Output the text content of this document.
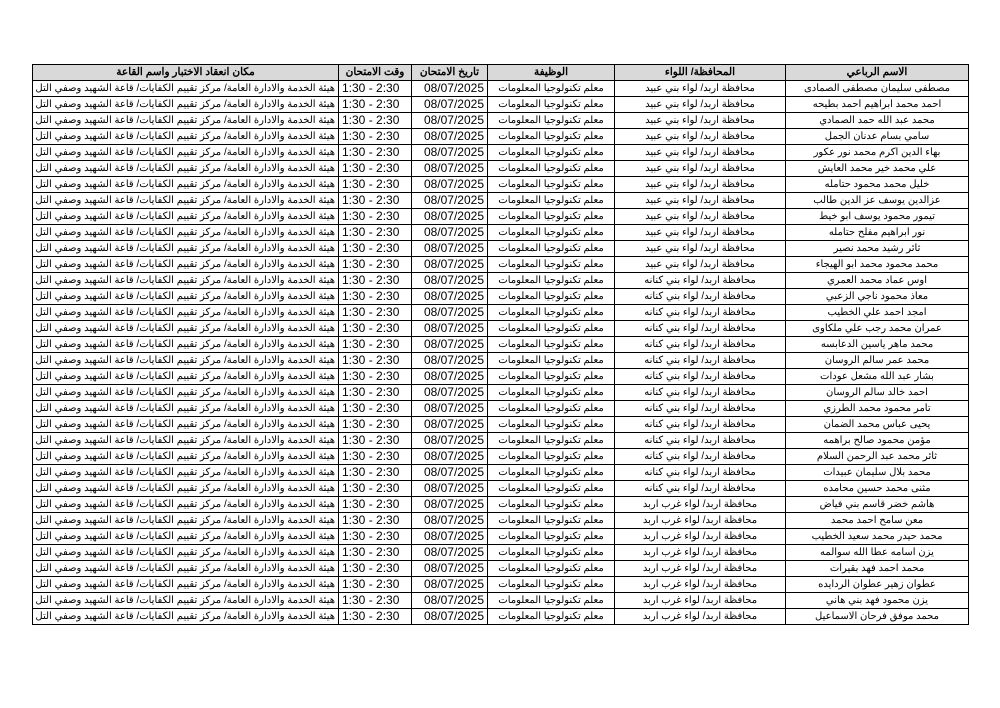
الاسم الرباعي	المحافظة/ اللواء	الوظيفة	تاريخ الامتحان	وقت الامتحان	مكان انعقاد الاختبار واسم القاعة
مصطفى سليمان مصطفى الصمادى	محافظة اربد/ لواء بني عبيد	معلم تكنولوجيا المعلومات	08/07/2025	1:30 - 2:30	هيئة الخدمة والادارة العامة/ مركز تقييم الكفايات/ قاعة الشهيد وصفي التل
احمد محمد ابراهيم احمد بطيحه	محافظة اربد/ لواء بني عبيد	معلم تكنولوجيا المعلومات	08/07/2025	1:30 - 2:30	هيئة الخدمة والادارة العامة/ مركز تقييم الكفايات/ قاعة الشهيد وصفي التل
محمد عبد الله حمد الصمادي	محافظة اربد/ لواء بني عبيد	معلم تكنولوجيا المعلومات	08/07/2025	1:30 - 2:30	هيئة الخدمة والادارة العامة/ مركز تقييم الكفايات/ قاعة الشهيد وصفي التل
سامي بسام عدنان الجمل	محافظة اربد/ لواء بني عبيد	معلم تكنولوجيا المعلومات	08/07/2025	1:30 - 2:30	هيئة الخدمة والادارة العامة/ مركز تقييم الكفايات/ قاعة الشهيد وصفي التل
بهاء الدين اكرم محمد نور عكور	محافظة اربد/ لواء بني عبيد	معلم تكنولوجيا المعلومات	08/07/2025	1:30 - 2:30	هيئة الخدمة والادارة العامة/ مركز تقييم الكفايات/ قاعة الشهيد وصفي التل
علي محمد خير محمد العايش	محافظة اربد/ لواء بني عبيد	معلم تكنولوجيا المعلومات	08/07/2025	1:30 - 2:30	هيئة الخدمة والادارة العامة/ مركز تقييم الكفايات/ قاعة الشهيد وصفي التل
خليل محمد محمود حتامله	محافظة اربد/ لواء بني عبيد	معلم تكنولوجيا المعلومات	08/07/2025	1:30 - 2:30	هيئة الخدمة والادارة العامة/ مركز تقييم الكفايات/ قاعة الشهيد وصفي التل
عزالدين يوسف عز الدين طالب	محافظة اربد/ لواء بني عبيد	معلم تكنولوجيا المعلومات	08/07/2025	1:30 - 2:30	هيئة الخدمة والادارة العامة/ مركز تقييم الكفايات/ قاعة الشهيد وصفي التل
تيمور محمود يوسف ابو خيط	محافظة اربد/ لواء بني عبيد	معلم تكنولوجيا المعلومات	08/07/2025	1:30 - 2:30	هيئة الخدمة والادارة العامة/ مركز تقييم الكفايات/ قاعة الشهيد وصفي التل
نور ابراهيم مفلح حتامله	محافظة اربد/ لواء بني عبيد	معلم تكنولوجيا المعلومات	08/07/2025	1:30 - 2:30	هيئة الخدمة والادارة العامة/ مركز تقييم الكفايات/ قاعة الشهيد وصفي التل
ثائر رشيد محمد نصير	محافظة اربد/ لواء بني عبيد	معلم تكنولوجيا المعلومات	08/07/2025	1:30 - 2:30	هيئة الخدمة والادارة العامة/ مركز تقييم الكفايات/ قاعة الشهيد وصفي التل
محمد محمود محمد ابو الهيجاء	محافظة اربد/ لواء بني عبيد	معلم تكنولوجيا المعلومات	08/07/2025	1:30 - 2:30	هيئة الخدمة والادارة العامة/ مركز تقييم الكفايات/ قاعة الشهيد وصفي التل
اوس عماد محمد العمري	محافظة اربد/ لواء بني كنانه	معلم تكنولوجيا المعلومات	08/07/2025	1:30 - 2:30	هيئة الخدمة والادارة العامة/ مركز تقييم الكفايات/ قاعة الشهيد وصفي التل
معاذ محمود ناجي الزعبي	محافظة اربد/ لواء بني كنانه	معلم تكنولوجيا المعلومات	08/07/2025	1:30 - 2:30	هيئة الخدمة والادارة العامة/ مركز تقييم الكفايات/ قاعة الشهيد وصفي التل
امجد احمد علي الخطيب	محافظة اربد/ لواء بني كنانه	معلم تكنولوجيا المعلومات	08/07/2025	1:30 - 2:30	هيئة الخدمة والادارة العامة/ مركز تقييم الكفايات/ قاعة الشهيد وصفي التل
عمران محمد رجب علي ملكاوى	محافظة اربد/ لواء بني كنانه	معلم تكنولوجيا المعلومات	08/07/2025	1:30 - 2:30	هيئة الخدمة والادارة العامة/ مركز تقييم الكفايات/ قاعة الشهيد وصفي التل
محمد ماهر ياسين الدعابسه	محافظة اربد/ لواء بني كنانه	معلم تكنولوجيا المعلومات	08/07/2025	1:30 - 2:30	هيئة الخدمة والادارة العامة/ مركز تقييم الكفايات/ قاعة الشهيد وصفي التل
محمد عمر سالم الروسان	محافظة اربد/ لواء بني كنانه	معلم تكنولوجيا المعلومات	08/07/2025	1:30 - 2:30	هيئة الخدمة والادارة العامة/ مركز تقييم الكفايات/ قاعة الشهيد وصفي التل
بشار عبد الله مشعل عودات	محافظة اربد/ لواء بني كنانه	معلم تكنولوجيا المعلومات	08/07/2025	1:30 - 2:30	هيئة الخدمة والادارة العامة/ مركز تقييم الكفايات/ قاعة الشهيد وصفي التل
احمد خالد سالم الروسان	محافظة اربد/ لواء بني كنانه	معلم تكنولوجيا المعلومات	08/07/2025	1:30 - 2:30	هيئة الخدمة والادارة العامة/ مركز تقييم الكفايات/ قاعة الشهيد وصفي التل
تامر محمود محمد الطرزي	محافظة اربد/ لواء بني كنانه	معلم تكنولوجيا المعلومات	08/07/2025	1:30 - 2:30	هيئة الخدمة والادارة العامة/ مركز تقييم الكفايات/ قاعة الشهيد وصفي التل
يحيى عباس محمد الضمان	محافظة اربد/ لواء بني كنانه	معلم تكنولوجيا المعلومات	08/07/2025	1:30 - 2:30	هيئة الخدمة والادارة العامة/ مركز تقييم الكفايات/ قاعة الشهيد وصفي التل
مؤمن محمود صالح براهمه	محافظة اربد/ لواء بني كنانه	معلم تكنولوجيا المعلومات	08/07/2025	1:30 - 2:30	هيئة الخدمة والادارة العامة/ مركز تقييم الكفايات/ قاعة الشهيد وصفي التل
ثائر محمد عبد الرحمن السلام	محافظة اربد/ لواء بني كنانه	معلم تكنولوجيا المعلومات	08/07/2025	1:30 - 2:30	هيئة الخدمة والادارة العامة/ مركز تقييم الكفايات/ قاعة الشهيد وصفي التل
محمد بلال سليمان عبيدات	محافظة اربد/ لواء بني كنانه	معلم تكنولوجيا المعلومات	08/07/2025	1:30 - 2:30	هيئة الخدمة والادارة العامة/ مركز تقييم الكفايات/ قاعة الشهيد وصفي التل
مثنى محمد حسين محامده	محافظة اربد/ لواء بني كنانه	معلم تكنولوجيا المعلومات	08/07/2025	1:30 - 2:30	هيئة الخدمة والادارة العامة/ مركز تقييم الكفايات/ قاعة الشهيد وصفي التل
هاشم خضر قاسم بني فياض	محافظة اربد/ لواء غرب اربد	معلم تكنولوجيا المعلومات	08/07/2025	1:30 - 2:30	هيئة الخدمة والادارة العامة/ مركز تقييم الكفايات/ قاعة الشهيد وصفي التل
معن سامح احمد محمد	محافظة اربد/ لواء غرب اربد	معلم تكنولوجيا المعلومات	08/07/2025	1:30 - 2:30	هيئة الخدمة والادارة العامة/ مركز تقييم الكفايات/ قاعة الشهيد وصفي التل
محمد حيدر محمد سعيد الخطيب	محافظة اربد/ لواء غرب اربد	معلم تكنولوجيا المعلومات	08/07/2025	1:30 - 2:30	هيئة الخدمة والادارة العامة/ مركز تقييم الكفايات/ قاعة الشهيد وصفي التل
يزن اسامه عطا الله سوالمه	محافظة اربد/ لواء غرب اربد	معلم تكنولوجيا المعلومات	08/07/2025	1:30 - 2:30	هيئة الخدمة والادارة العامة/ مركز تقييم الكفايات/ قاعة الشهيد وصفي التل
محمد احمد فهد بقيرات	محافظة اربد/ لواء غرب اربد	معلم تكنولوجيا المعلومات	08/07/2025	1:30 - 2:30	هيئة الخدمة والادارة العامة/ مركز تقييم الكفايات/ قاعة الشهيد وصفي التل
عطوان زهير عطوان الردايده	محافظة اربد/ لواء غرب اربد	معلم تكنولوجيا المعلومات	08/07/2025	1:30 - 2:30	هيئة الخدمة والادارة العامة/ مركز تقييم الكفايات/ قاعة الشهيد وصفي التل
يزن محمود فهد بني هاني	محافظة اربد/ لواء غرب اربد	معلم تكنولوجيا المعلومات	08/07/2025	1:30 - 2:30	هيئة الخدمة والادارة العامة/ مركز تقييم الكفايات/ قاعة الشهيد وصفي التل
محمد موفق فرحان الاسماعيل	محافظة اربد/ لواء غرب اربد	معلم تكنولوجيا المعلومات	08/07/2025	1:30 - 2:30	هيئة الخدمة والادارة العامة/ مركز تقييم الكفايات/ قاعة الشهيد وصفي التل
